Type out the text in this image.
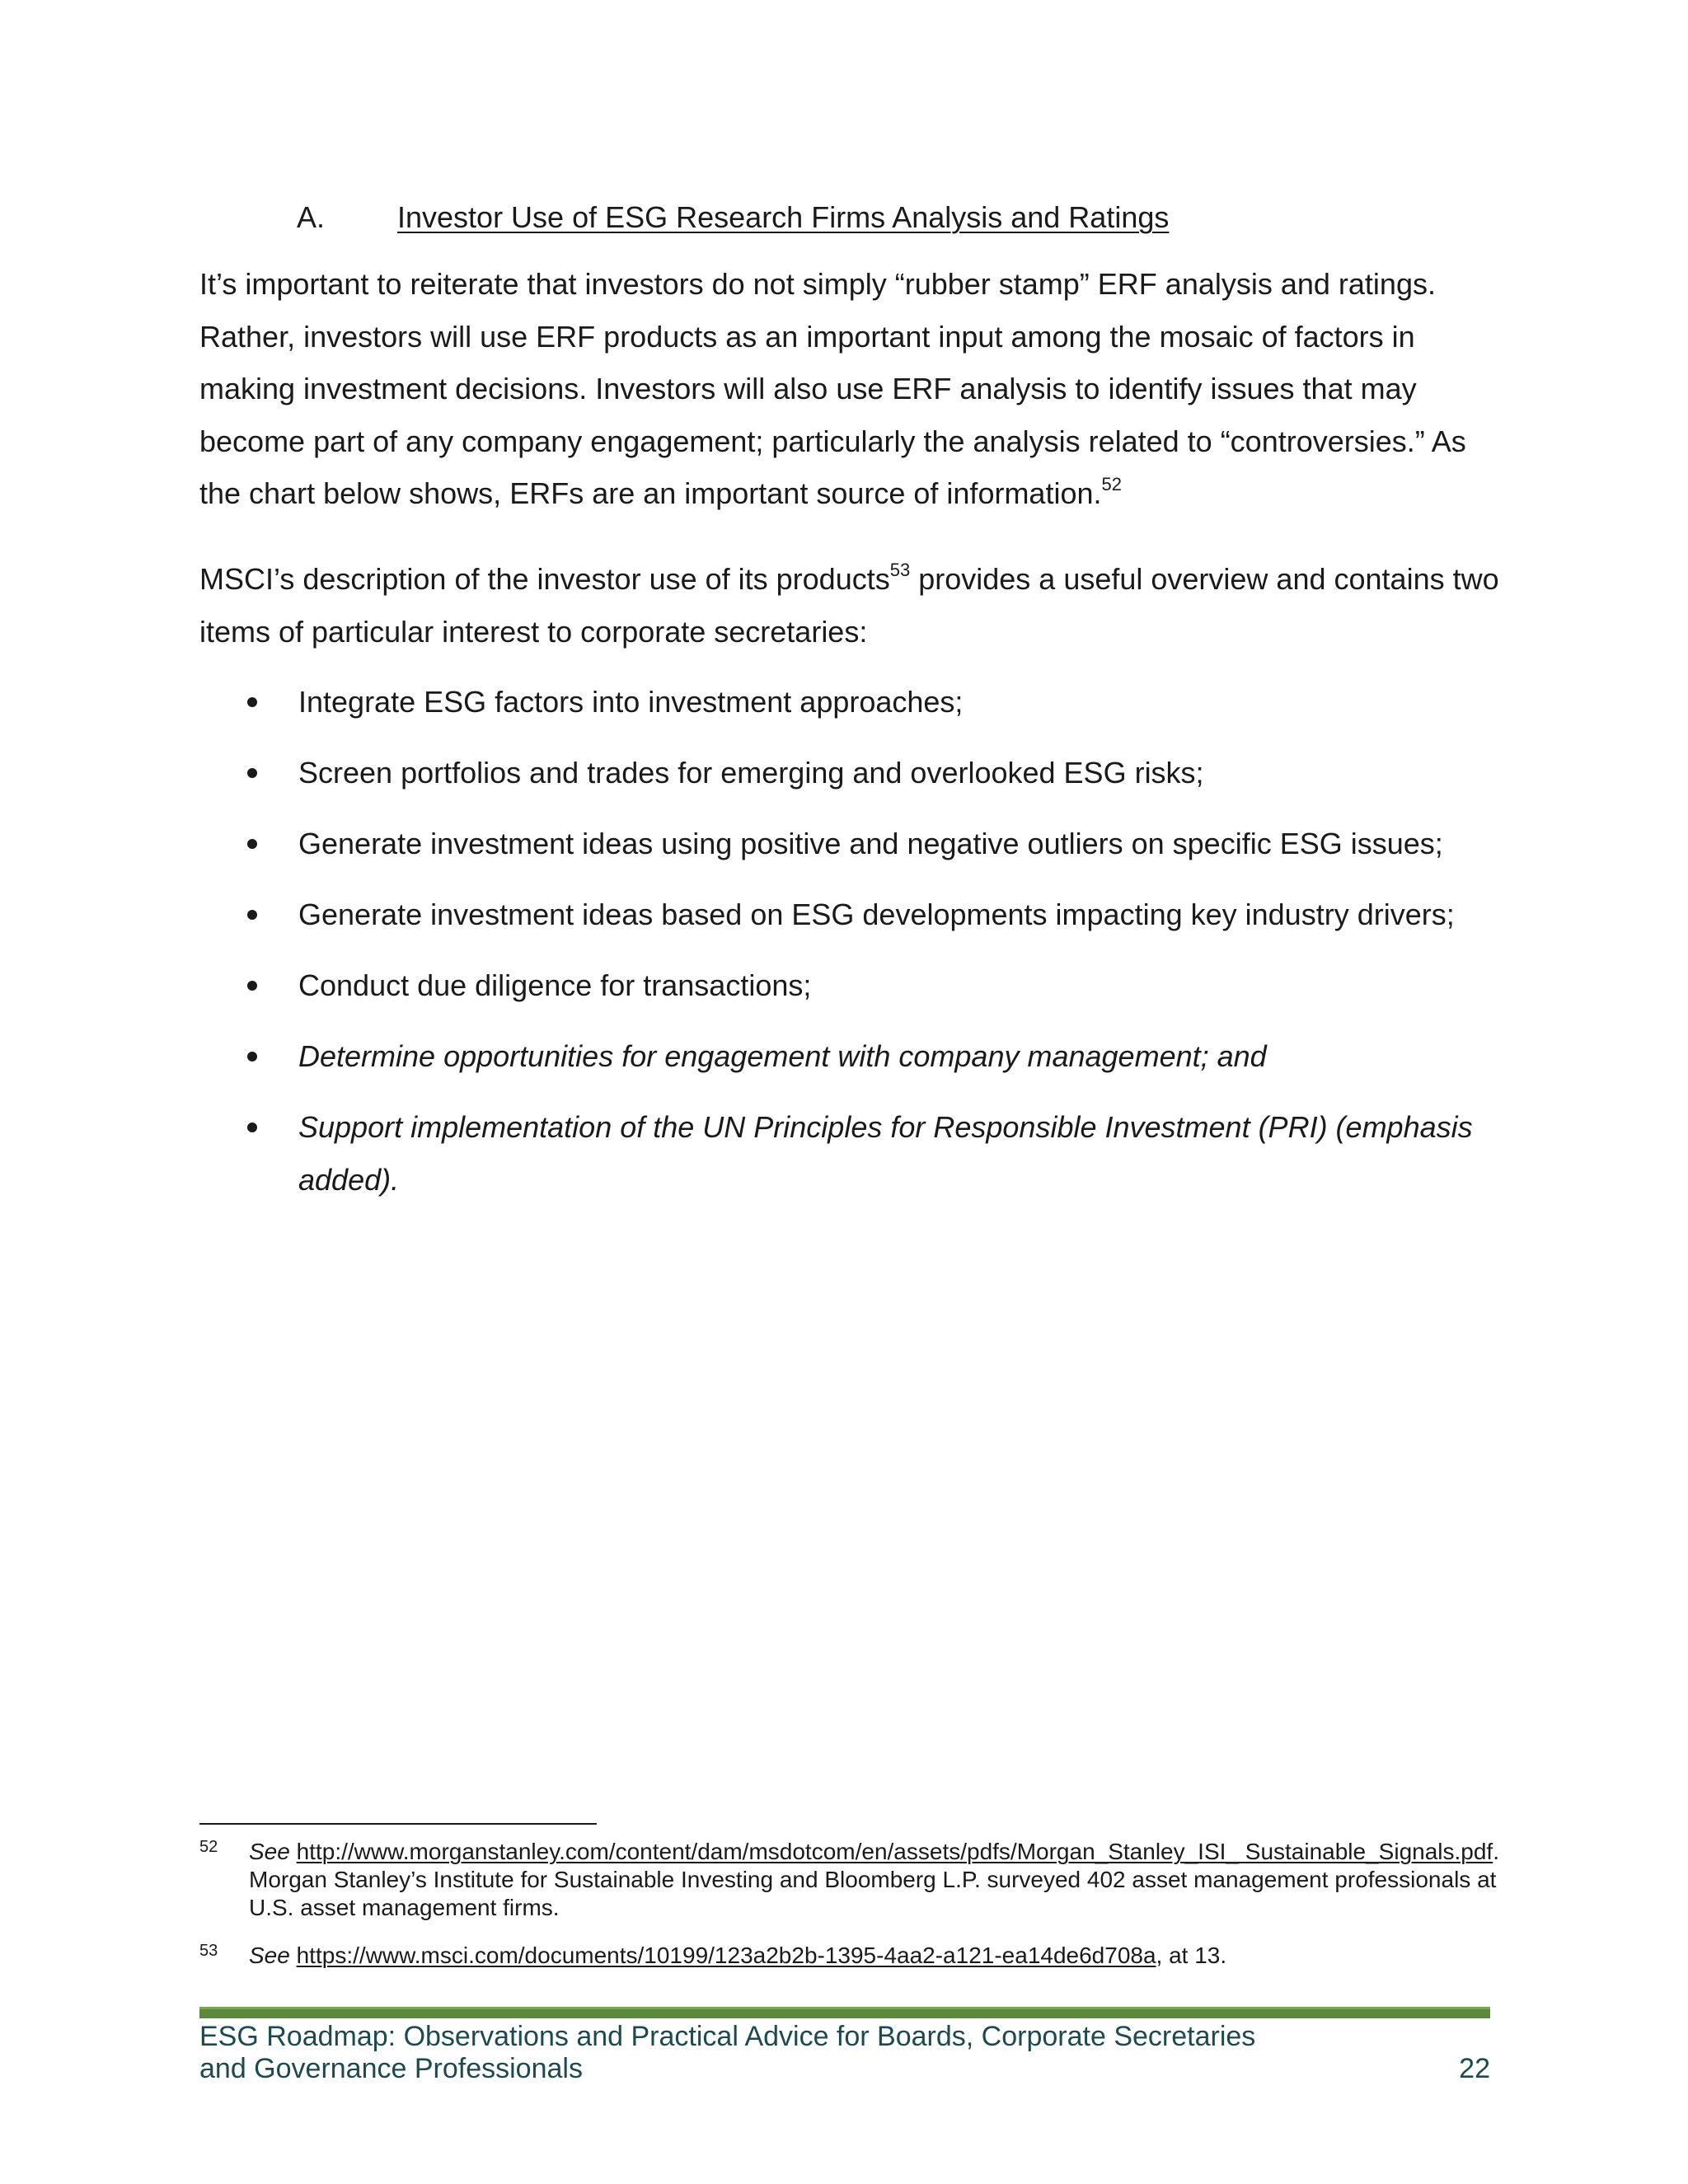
A. Investor Use of ESG Research Firms Analysis and Ratings

It’s important to reiterate that investors do not simply “rubber stamp” ERF analysis and ratings. Rather, investors will use ERF products as an important input among the mosaic of factors in making investment decisions. Investors will also use ERF analysis to identify issues that may become part of any company engagement; particularly the analysis related to “controversies.” As the chart below shows, ERFs are an important source of information.$^{52}$

MSCI’s description of the investor use of its products$^{53}$ provides a useful overview and contains two items of particular interest to corporate secretaries:

Integrate ESG factors into investment approaches;
Screen portfolios and trades for emerging and overlooked ESG risks;
Generate investment ideas using positive and negative outliers on specific ESG issues;
Generate investment ideas based on ESG developments impacting key industry drivers;
Conduct due diligence for transactions;
Determine opportunities for engagement with company management; and
Support implementation of the UN Principles for Responsible Investment (PRI) (emphasis added).
52 See http://www.morganstanley.com/content/dam/msdotcom/en/assets/pdfs/Morgan_Stanley_ISI_ Sustainable_Signals.pdf. Morgan Stanley’s Institute for Sustainable Investing and Bloomberg L.P. surveyed 402 asset management professionals at U.S. asset management firms.
53 See https://www.msci.com/documents/10199/123a2b2b-1395-4aa2-a121-ea14de6d708a, at 13.
ESG Roadmap: Observations and Practical Advice for Boards, Corporate Secretaries
and Governance Professionals	22
